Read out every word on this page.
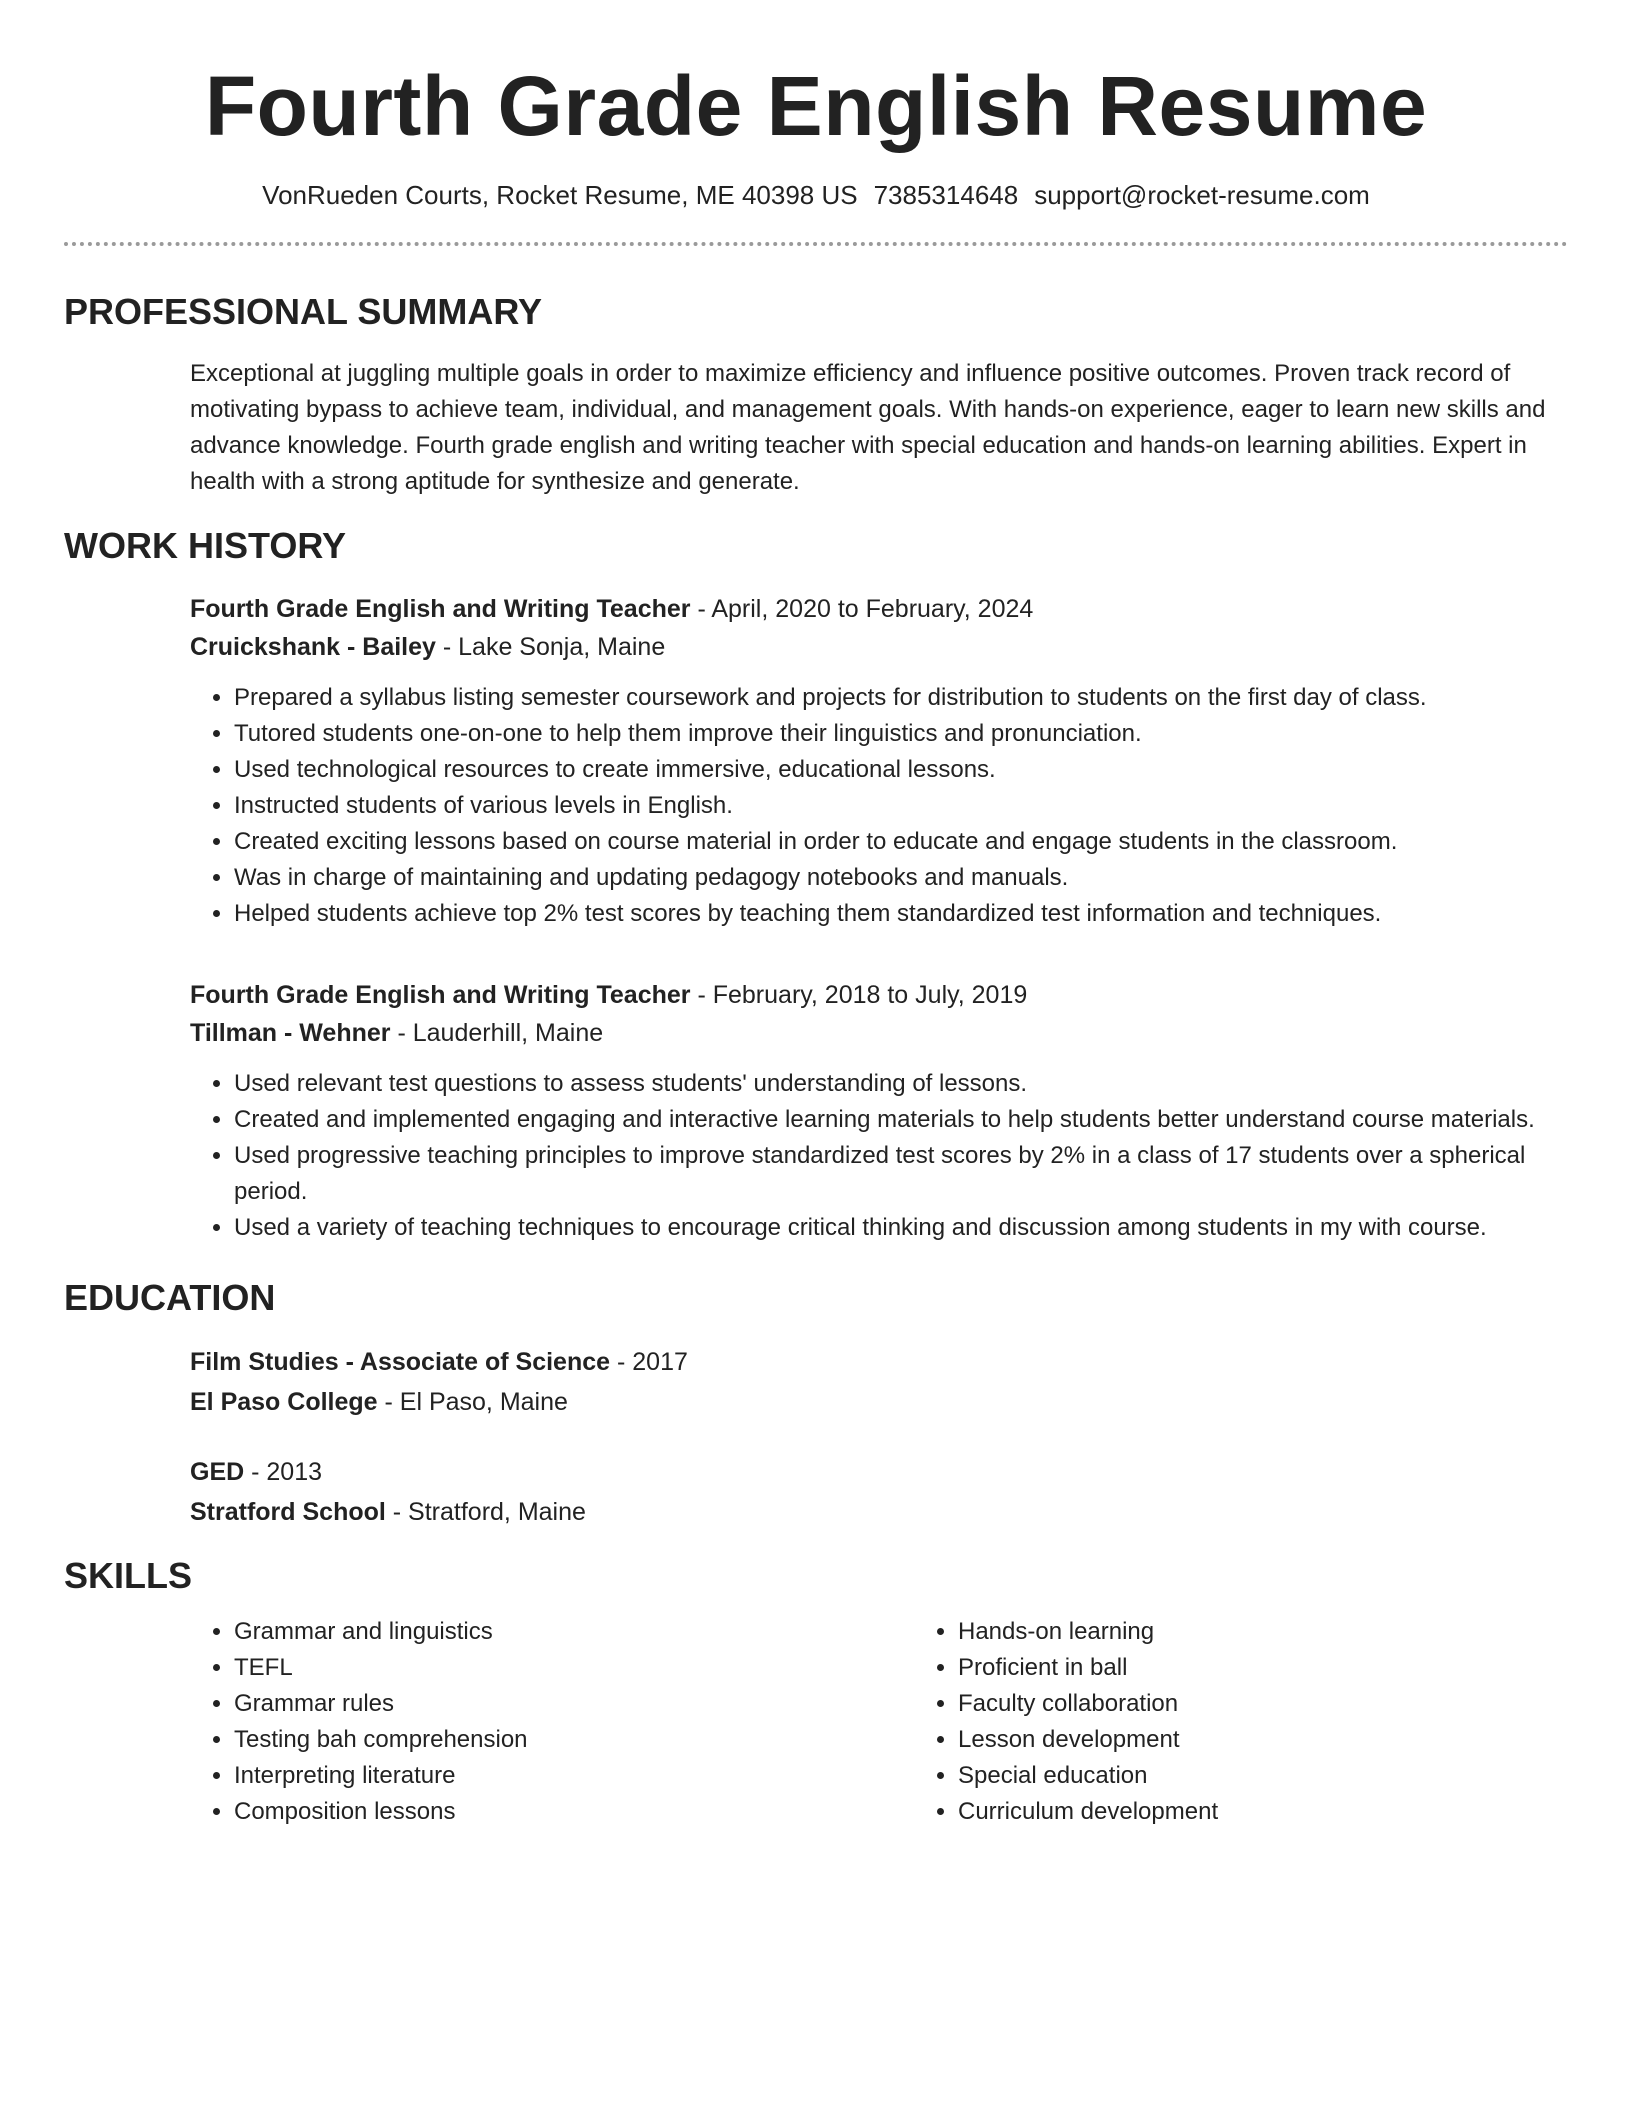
Fourth Grade English Resume
VonRueden Courts, Rocket Resume, ME 40398 US 7385314648 support@rocket-resume.com
PROFESSIONAL SUMMARY

Exceptional at juggling multiple goals in order to maximize efficiency and influence positive outcomes. Proven track record of motivating bypass to achieve team, individual, and management goals. With hands-on experience, eager to learn new skills and advance knowledge. Fourth grade english and writing teacher with special education and hands-on learning abilities. Expert in health with a strong aptitude for synthesize and generate.

WORK HISTORY
Fourth Grade English and Writing Teacher - April, 2020 to February, 2024
Cruickshank - Bailey - Lake Sonja, Maine
• Prepared a syllabus listing semester coursework and projects for distribution to students on the first day of class.
• Tutored students one-on-one to help them improve their linguistics and pronunciation.
• Used technological resources to create immersive, educational lessons.
• Instructed students of various levels in English.
• Created exciting lessons based on course material in order to educate and engage students in the classroom.
• Was in charge of maintaining and updating pedagogy notebooks and manuals.
• Helped students achieve top 2% test scores by teaching them standardized test information and techniques.
Fourth Grade English and Writing Teacher - February, 2018 to July, 2019
Tillman - Wehner - Lauderhill, Maine
• Used relevant test questions to assess students' understanding of lessons.
• Created and implemented engaging and interactive learning materials to help students better understand course materials.
• Used progressive teaching principles to improve standardized test scores by 2% in a class of 17 students over a spherical period.
• Used a variety of teaching techniques to encourage critical thinking and discussion among students in my with course.
EDUCATION
Film Studies - Associate of Science - 2017
El Paso College - El Paso, Maine
GED - 2013
Stratford School - Stratford, Maine
SKILLS
• Grammar and linguistics
• TEFL
• Grammar rules
• Testing bah comprehension
• Interpreting literature
• Composition lessons
• Hands-on learning
• Proficient in ball
• Faculty collaboration
• Lesson development
• Special education
• Curriculum development
